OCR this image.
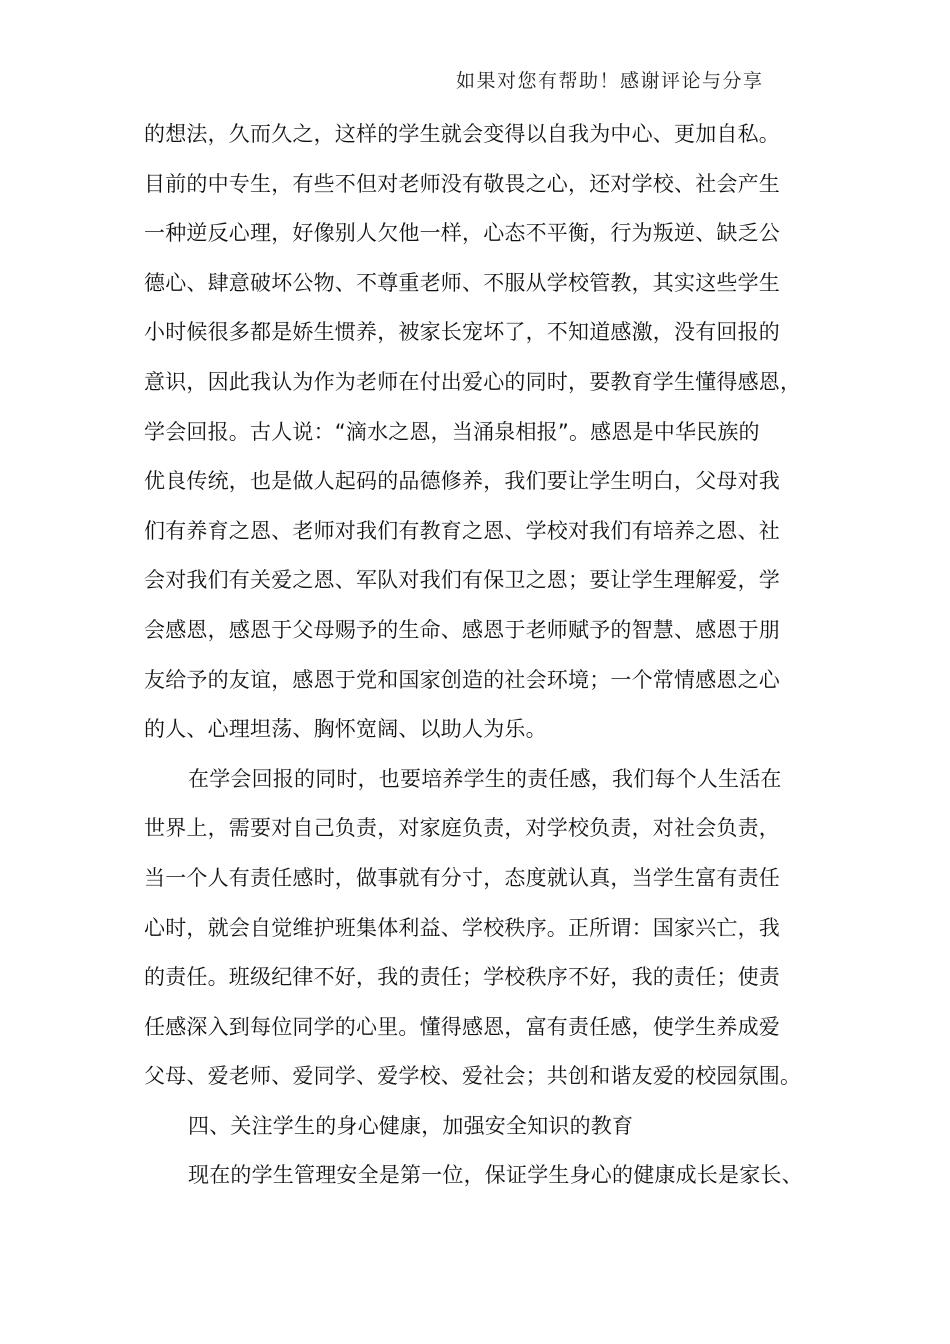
如果对您有帮助！感谢评论与分享
的想法，久而久之，这样的学生就会变得以自我为中心、更加自私。
目前的中专生，有些不但对老师没有敬畏之心，还对学校、社会产生
一种逆反心理，好像别人欠他一样，心态不平衡，行为叛逆、缺乏公
德心、肆意破坏公物、不尊重老师、不服从学校管教，其实这些学生
小时候很多都是娇生惯养，被家长宠坏了，不知道感激，没有回报的
意识，因此我认为作为老师在付出爱心的同时，要教育学生懂得感恩，
学会回报。古人说：“滴水之恩，当涌泉相报”。感恩是中华民族的
优良传统，也是做人起码的品德修养，我们要让学生明白，父母对我
们有养育之恩、老师对我们有教育之恩、学校对我们有培养之恩、社
会对我们有关爱之恩、军队对我们有保卫之恩；要让学生理解爱，学
会感恩，感恩于父母赐予的生命、感恩于老师赋予的智慧、感恩于朋
友给予的友谊，感恩于党和国家创造的社会环境；一个常情感恩之心
的人、心理坦荡、胸怀宽阔、以助人为乐。
在学会回报的同时，也要培养学生的责任感，我们每个人生活在
世界上，需要对自己负责，对家庭负责，对学校负责，对社会负责，
当一个人有责任感时，做事就有分寸，态度就认真，当学生富有责任
心时，就会自觉维护班集体利益、学校秩序。正所谓：国家兴亡，我
的责任。班级纪律不好，我的责任；学校秩序不好，我的责任；使责
任感深入到每位同学的心里。懂得感恩，富有责任感，使学生养成爱
父母、爱老师、爱同学、爱学校、爱社会；共创和谐友爱的校园氛围。
四、关注学生的身心健康，加强安全知识的教育
现在的学生管理安全是第一位，保证学生身心的健康成长是家长、
